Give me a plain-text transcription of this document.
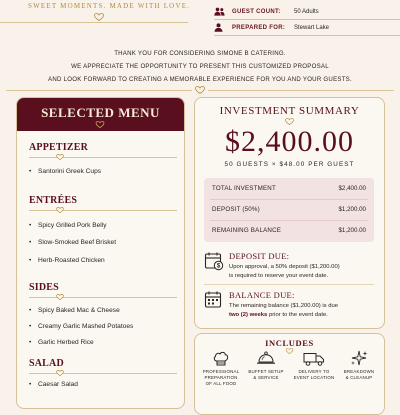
SWEET MOMENTS. MADE WITH LOVE.
GUEST COUNT: 50 Adults
PREPARED FOR: Stewart Lake
THANK YOU FOR CONSIDERING SIMONE B CATERING.
WE APPRECIATE THE OPPORTUNITY TO PRESENT THIS CUSTOMIZED PROPOSAL
AND LOOK FORWARD TO CREATING A MEMORABLE EXPERIENCE FOR YOU AND YOUR GUESTS.
SELECTED MENU
APPETIZER
• Santorini Greek Cups
ENTRÉES
• Spicy Grilled Pork Belly
• Slow-Smoked Beef Brisket
• Herb-Roasted Chicken
SIDES
• Spicy Baked Mac & Cheese
• Creamy Garlic Mashed Potatoes
• Garlic Herbed Rice
SALAD
• Caesar Salad
INVESTMENT SUMMARY
$2,400.00
50 GUESTS × $48.00 PER GUEST
TOTAL INVESTMENT	$2,400.00
DEPOSIT (50%)	$1,200.00
REMAINING BALANCE	$1,200.00
$
DEPOSIT DUE:
Upon approval, a 50% deposit ($1,200.00)
is required to reserve your event date.
BALANCE DUE:
The remaining balance ($1,200.00) is due
two (2) weeks prior to the event date.
INCLUDES
PROFESSIONAL
PREPARATION
OF ALL FOOD
BUFFET SETUP
& SERVICE
DELIVERY TO
EVENT LOCATION
BREAKDOWN
& CLEANUP
